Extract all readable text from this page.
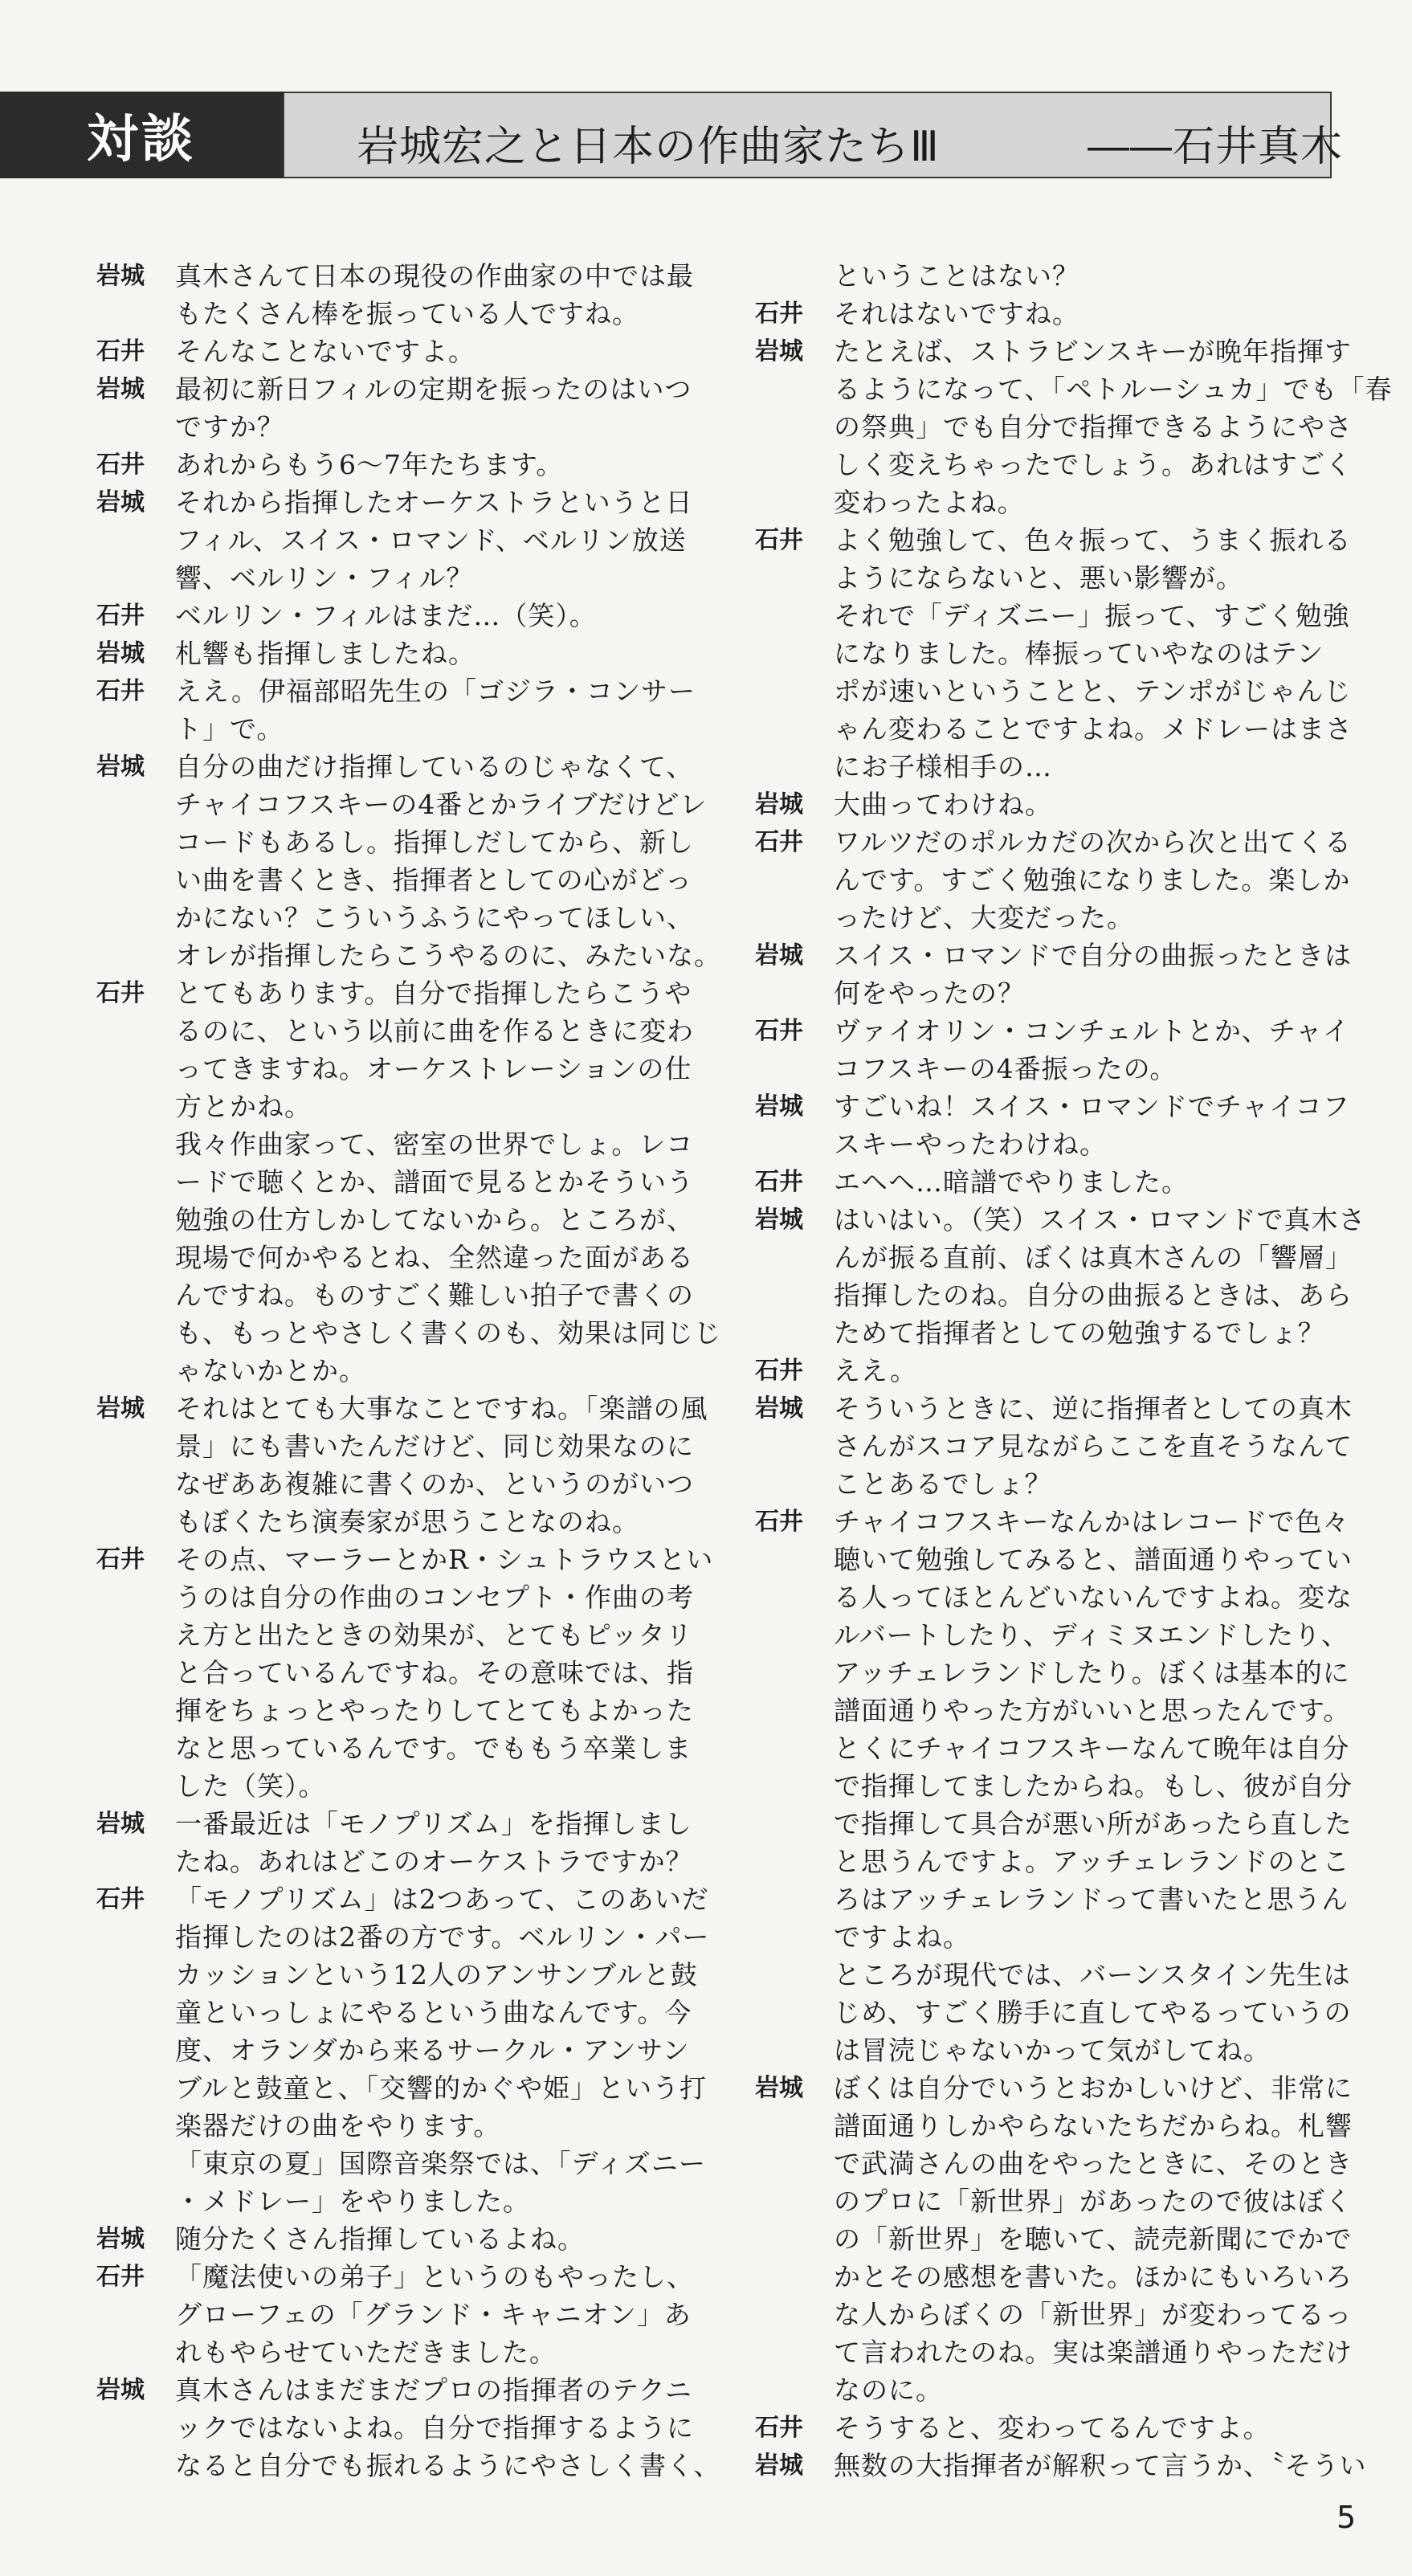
対談	岩城宏之と日本の作曲家たちⅢ	――石井真木
岩城 真木さんて日本の現役の作曲家の中では最
もたくさん棒を振っている人ですね。
石井 そんなことないですよ。
岩城 最初に新日フィルの定期を振ったのはいつ
ですか？
石井 あれからもう6〜7年たちます。
岩城 それから指揮したオーケストラというと日
フィル、スイス・ロマンド、ベルリン放送
響、ベルリン・フィル？
石井 ベルリン・フィルはまだ…（笑）。
岩城 札響も指揮しましたね。
石井 ええ。伊福部昭先生の「ゴジラ・コンサー
ト」で。
岩城 自分の曲だけ指揮しているのじゃなくて、
チャイコフスキーの4番とかライブだけどレ
コードもあるし。指揮しだしてから、新し
い曲を書くとき、指揮者としての心がどっ
かにない？こういうふうにやってほしい、
オレが指揮したらこうやるのに、みたいな。
石井 とてもあります。自分で指揮したらこうや
るのに、という以前に曲を作るときに変わ
ってきますね。オーケストレーションの仕
方とかね。
我々作曲家って、密室の世界でしょ。レコ
ードで聴くとか、譜面で見るとかそういう
勉強の仕方しかしてないから。ところが、
現場で何かやるとね、全然違った面がある
んですね。ものすごく難しい拍子で書くの
も、もっとやさしく書くのも、効果は同じじ
ゃないかとか。
岩城 それはとても大事なことですね。「楽譜の風
景」にも書いたんだけど、同じ効果なのに
なぜああ複雑に書くのか、というのがいつ
もぼくたち演奏家が思うことなのね。
石井 その点、マーラーとかR・シュトラウスとい
うのは自分の作曲のコンセプト・作曲の考
え方と出たときの効果が、とてもピッタリ
と合っているんですね。その意味では、指
揮をちょっとやったりしてとてもよかった
なと思っているんです。でももう卒業しま
した（笑）。
岩城 一番最近は「モノプリズム」を指揮しまし
たね。あれはどこのオーケストラですか？
石井 「モノプリズム」は2つあって、このあいだ
指揮したのは2番の方です。ベルリン・パー
カッションという12人のアンサンブルと鼓
童といっしょにやるという曲なんです。今
度、オランダから来るサークル・アンサン
ブルと鼓童と、「交響的かぐや姫」という打
楽器だけの曲をやります。
「東京の夏」国際音楽祭では、「ディズニー
・メドレー」をやりました。
岩城 随分たくさん指揮しているよね。
石井 「魔法使いの弟子」というのもやったし、
グローフェの「グランド・キャニオン」あ
れもやらせていただきました。
岩城 真木さんはまだまだプロの指揮者のテクニ
ックではないよね。自分で指揮するように
なると自分でも振れるようにやさしく書く、
ということはない？
石井 それはないですね。
岩城 たとえば、ストラビンスキーが晩年指揮す
るようになって、「ペトルーシュカ」でも「春
の祭典」でも自分で指揮できるようにやさ
しく変えちゃったでしょう。あれはすごく
変わったよね。
石井 よく勉強して、色々振って、うまく振れる
ようにならないと、悪い影響が。
それで「ディズニー」振って、すごく勉強
になりました。棒振っていやなのはテン
ポが速いということと、テンポがじゃんじ
ゃん変わることですよね。メドレーはまさ
にお子様相手の…
岩城 大曲ってわけね。
石井 ワルツだのポルカだの次から次と出てくる
んです。すごく勉強になりました。楽しか
ったけど、大変だった。
岩城 スイス・ロマンドで自分の曲振ったときは
何をやったの？
石井 ヴァイオリン・コンチェルトとか、チャイ
コフスキーの4番振ったの。
岩城 すごいね！スイス・ロマンドでチャイコフ
スキーやったわけね。
石井 エヘヘ…暗譜でやりました。
岩城 はいはい。（笑）スイス・ロマンドで真木さ
んが振る直前、ぼくは真木さんの「響層」
指揮したのね。自分の曲振るときは、あら
ためて指揮者としての勉強するでしょ？
石井 ええ。
岩城 そういうときに、逆に指揮者としての真木
さんがスコア見ながらここを直そうなんて
ことあるでしょ？
石井 チャイコフスキーなんかはレコードで色々
聴いて勉強してみると、譜面通りやってい
る人ってほとんどいないんですよね。変な
ルバートしたり、ディミヌエンドしたり、
アッチェレランドしたり。ぼくは基本的に
譜面通りやった方がいいと思ったんです。
とくにチャイコフスキーなんて晩年は自分
で指揮してましたからね。もし、彼が自分
で指揮して具合が悪い所があったら直した
と思うんですよ。アッチェレランドのとこ
ろはアッチェレランドって書いたと思うん
ですよね。
ところが現代では、バーンスタイン先生は
じめ、すごく勝手に直してやるっていうの
は冒涜じゃないかって気がしてね。
岩城 ぼくは自分でいうとおかしいけど、非常に
譜面通りしかやらないたちだからね。札響
で武満さんの曲をやったときに、そのとき
のプロに「新世界」があったので彼はぼく
の「新世界」を聴いて、読売新聞にでかで
かとその感想を書いた。ほかにもいろいろ
な人からぼくの「新世界」が変わってるっ
て言われたのね。実は楽譜通りやっただけ
なのに。
石井 そうすると、変わってるんですよ。
岩城 無数の大指揮者が解釈って言うか、〝そうい
5
